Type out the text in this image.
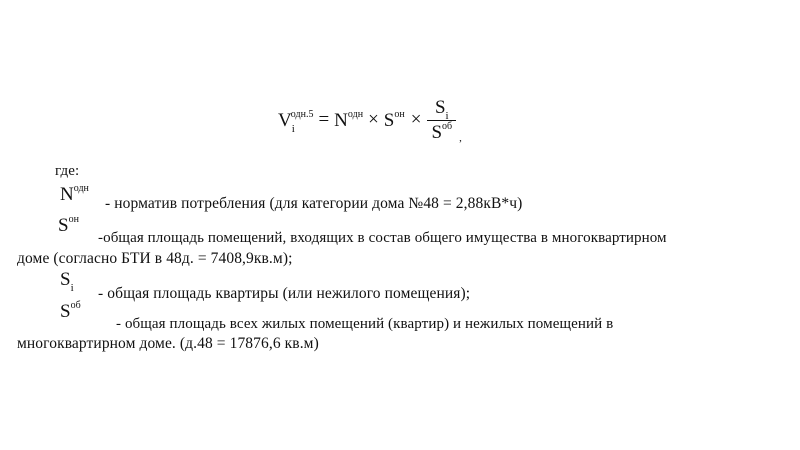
$V_i^{одн.5} = N^{одн} \times S^{он} \times \frac{S_i}{S^{об}}$ ,
где:
$N^{одн}$
- норматив потребления (для категории дома №48 = 2,88кВ*ч)
$S^{он}$
-общая площадь помещений, входящих в состав общего имущества в многоквартирном
доме (согласно БТИ в 48д. = 7408,9кв.м);
$S_i$ - общая площадь квартиры (или нежилого помещения);
$S^{об}$
- общая площадь всех жилых помещений (квартир) и нежилых помещений в
многоквартирном доме. (д.48 = 17876,6 кв.м)
